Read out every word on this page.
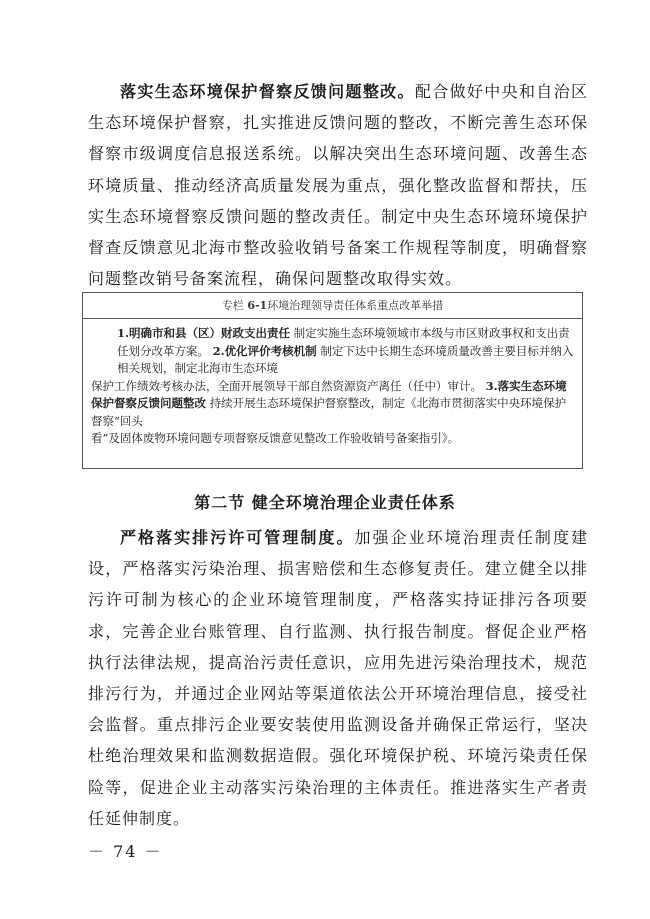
落实生态环境保护督察反馈问题整改。配合做好中央和自治区生态环境保护督察，扎实推进反馈问题的整改，不断完善生态环保督察市级调度信息报送系统。以解决突出生态环境问题、改善生态环境质量、推动经济高质量发展为重点，强化整改监督和帮扶，压实生态环境督察反馈问题的整改责任。制定中央生态环境环境保护督查反馈意见北海市整改验收销号备案工作规程等制度，明确督察问题整改销号备案流程，确保问题整改取得实效。

专栏 6-1环境治理领导责任体系重点改革举措

1.明确市和县（区）财政支出责任 制定实施生态环境领域市本级与市区财政事权和支出责任划分改革方案。 2.优化评价考核机制 制定下达中长期生态环境质量改善主要目标并纳入相关规划，制定北海市生态环境

保护工作绩效考核办法，全面开展领导干部自然资源资产离任（任中）审计。 3.落实生态环境保护督察反馈问题整改 持续开展生态环境保护督察整改，制定《北海市贯彻落实中央环境保护督察“回头

看”及固体废物环境问题专项督察反馈意见整改工作验收销号备案指引》。

第二节 健全环境治理企业责任体系

严格落实排污许可管理制度。加强企业环境治理责任制度建设，严格落实污染治理、损害赔偿和生态修复责任。建立健全以排污许可制为核心的企业环境管理制度，严格落实持证排污各项要求，完善企业台账管理、自行监测、执行报告制度。督促企业严格执行法律法规，提高治污责任意识，应用先进污染治理技术，规范排污行为，并通过企业网站等渠道依法公开环境治理信息，接受社会监督。重点排污企业要安装使用监测设备并确保正常运行，坚决杜绝治理效果和监测数据造假。强化环境保护税、环境污染责任保险等，促进企业主动落实污染治理的主体责任。推进落实生产者责任延伸制度。

－ 74 －
